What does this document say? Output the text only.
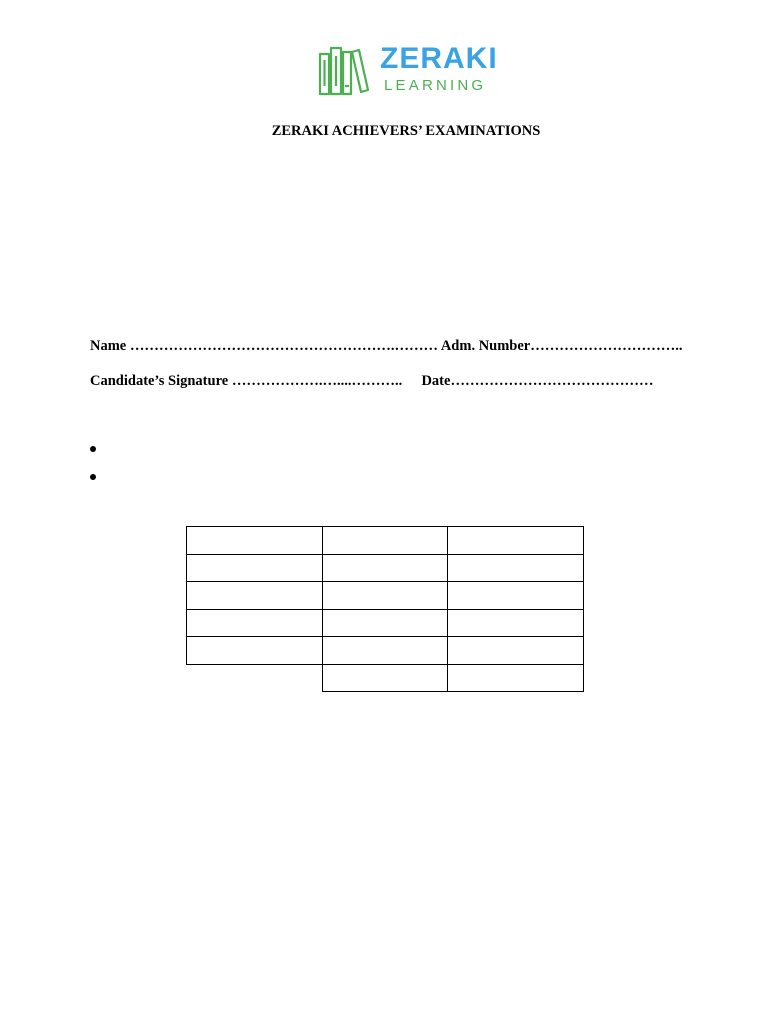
ZERAKI
LEARNING
ZERAKI ACHIEVERS’ EXAMINATIONS
Name ……………………………………………….……… Adm. Number…………………………..
Candidate’s Signature ……………….…....……….. Date……………………………………
